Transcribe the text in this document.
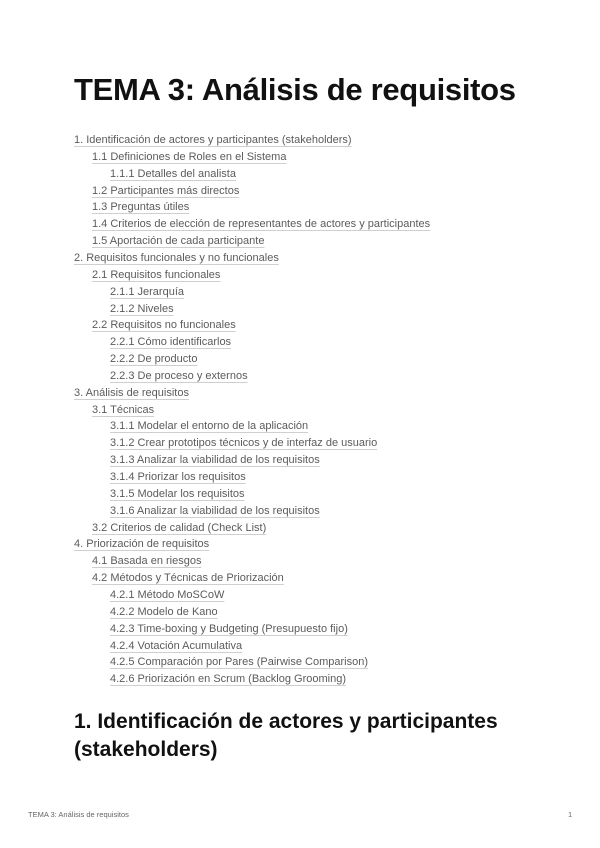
TEMA 3: Análisis de requisitos
1. Identificación de actores y participantes (stakeholders)
1.1 Definiciones de Roles en el Sistema
1.1.1 Detalles del analista
1.2 Participantes más directos
1.3 Preguntas útiles
1.4 Criterios de elección de representantes de actores y participantes
1.5 Aportación de cada participante
2. Requisitos funcionales y no funcionales
2.1 Requisitos funcionales
2.1.1 Jerarquía
2.1.2 Niveles
2.2 Requisitos no funcionales
2.2.1 Cómo identificarlos
2.2.2 De producto
2.2.3 De proceso y externos
3. Análisis de requisitos
3.1 Técnicas
3.1.1 Modelar el entorno de la aplicación
3.1.2 Crear prototipos técnicos y de interfaz de usuario
3.1.3 Analizar la viabilidad de los requisitos
3.1.4 Priorizar los requisitos
3.1.5 Modelar los requisitos
3.1.6 Analizar la viabilidad de los requisitos
3.2 Criterios de calidad (Check List)
4. Priorización de requisitos
4.1 Basada en riesgos
4.2 Métodos y Técnicas de Priorización
4.2.1 Método MoSCoW
4.2.2 Modelo de Kano
4.2.3 Time-boxing y Budgeting (Presupuesto fijo)
4.2.4 Votación Acumulativa
4.2.5 Comparación por Pares (Pairwise Comparison)
4.2.6 Priorización en Scrum (Backlog Grooming)
1. Identificación de actores y participantes (stakeholders)
TEMA 3: Análisis de requisitos	1
